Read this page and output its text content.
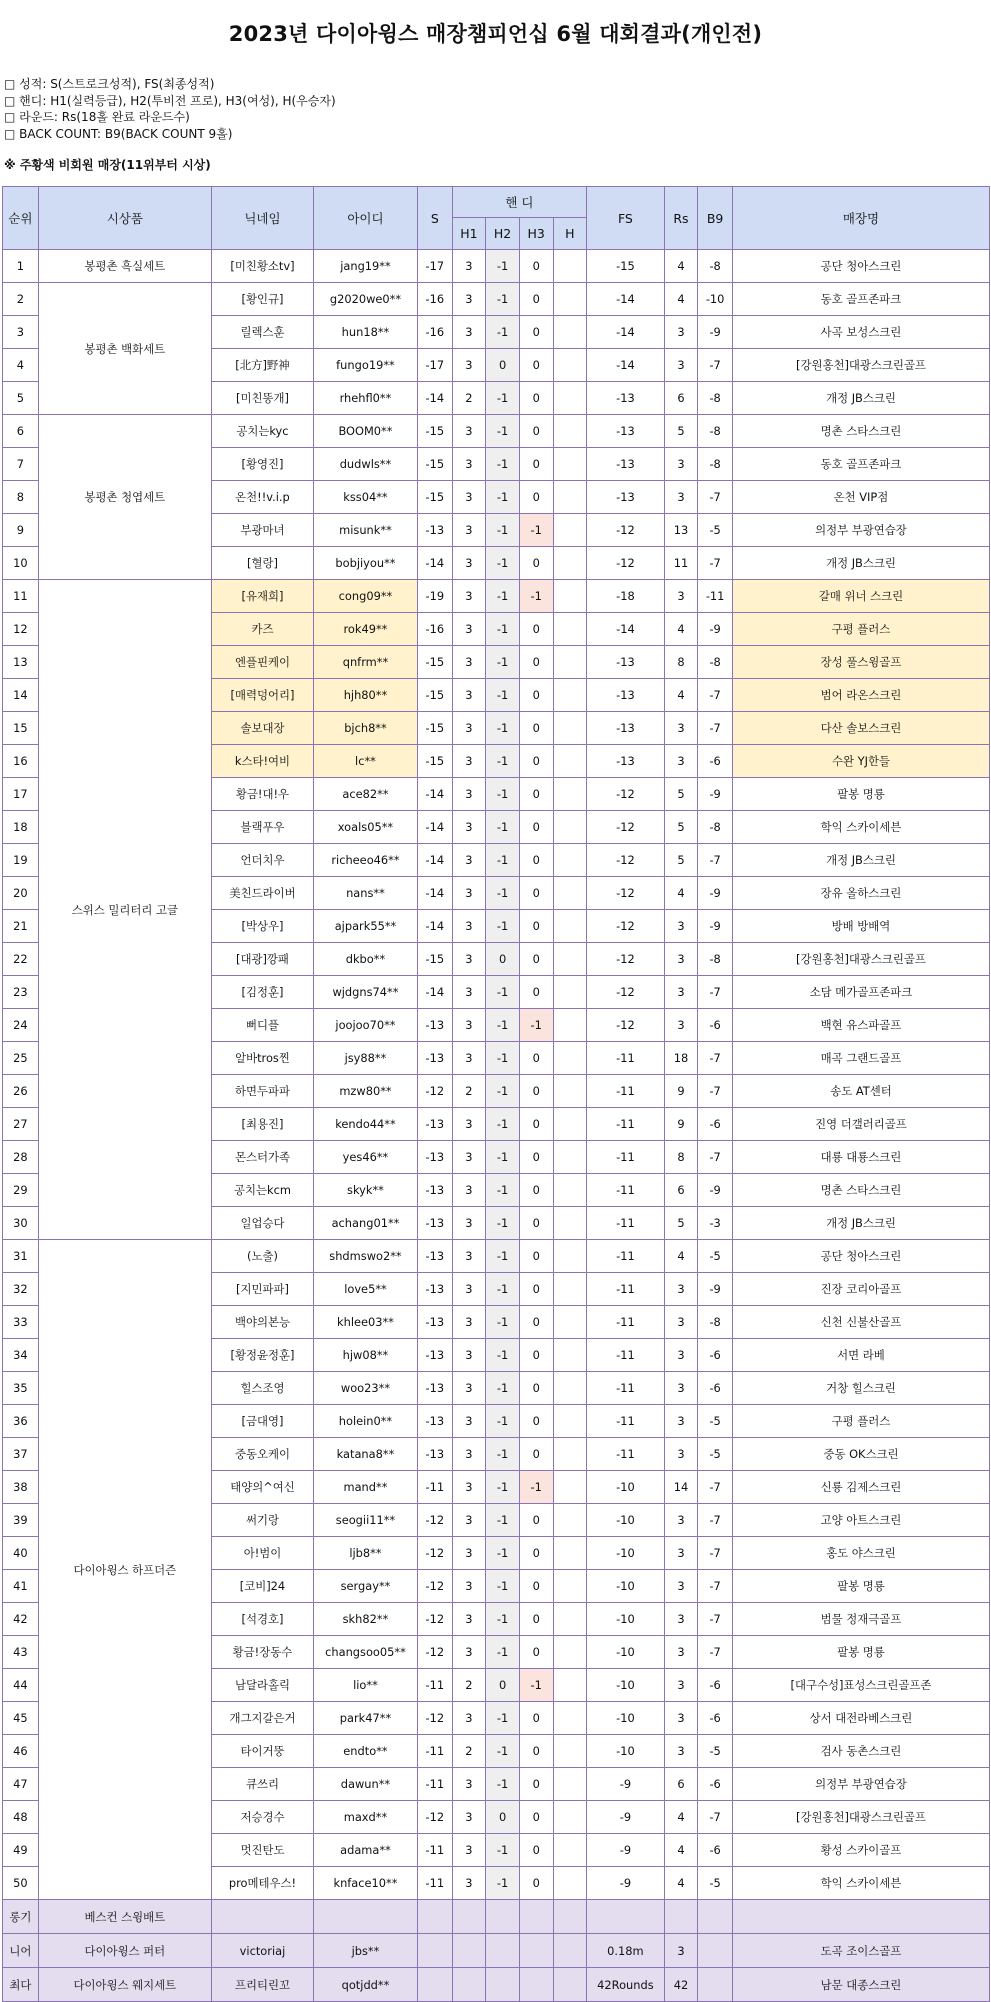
2023년 다이아윙스 매장챔피언십 6월 대회결과(개인전)
□ 성적: S(스트로크성적), FS(최종성적)
□ 핸디: H1(실력등급), H2(투비전 프로), H3(여성), H(우승자)
□ 라운드: Rs(18홀 완료 라운드수)
□ BACK COUNT: B9(BACK COUNT 9홀)
※ 주황색 비회원 매장(11위부터 시상)
순위	시상품	닉네임	아이디	S	핸 디				FS	Rs	B9	매장명
					H1	H2	H3	H				
1	봉평촌 흑실세트	[미친황소tv]	jang19**	-17	3	-1	0		-15	4	-8	공단 청아스크린
2	봉평촌 백화세트	[황인규]	g2020we0**	-16	3	-1	0		-14	4	-10	동호 골프존파크
3		릴렉스훈	hun18**	-16	3	-1	0		-14	3	-9	사곡 보성스크린
4		[北方]野神	fungo19**	-17	3	0	0		-14	3	-7	[강원홍천]대광스크린골프
5		[미친똥개]	rhehfl0**	-14	2	-1	0		-13	6	-8	개정 JB스크린
6	봉평촌 청엽세트	공치는kyc	BOOM0**	-15	3	-1	0		-13	5	-8	명촌 스타스크린
7		[황영진]	dudwls**	-15	3	-1	0		-13	3	-8	동호 골프존파크
8		온천!!v.i.p	kss04**	-15	3	-1	0		-13	3	-7	온천 VIP점
9		부광마녀	misunk**	-13	3	-1	-1		-12	13	-5	의정부 부광연습장
10		[혈랑]	bobjiyou**	-14	3	-1	0		-12	11	-7	개정 JB스크린
11	스위스 밀리터리 고글	[유재희]	cong09**	-19	3	-1	-1		-18	3	-11	갈매 위너 스크린
12		카즈	rok49**	-16	3	-1	0		-14	4	-9	구평 플러스
13		엔플핀케이	qnfrm**	-15	3	-1	0		-13	8	-8	장성 풀스윙골프
14		[매력덩어리]	hjh80**	-15	3	-1	0		-13	4	-7	범어 라온스크린
15		솔보대장	bjch8**	-15	3	-1	0		-13	3	-7	다산 솔보스크린
16		k스타!여비	lc**	-15	3	-1	0		-13	3	-6	수완 YJ한들
17		황금!대!우	ace82**	-14	3	-1	0		-12	5	-9	팔봉 명룡
18		블랙푸우	xoals05**	-14	3	-1	0		-12	5	-8	학익 스카이세븐
19		언더치우	richeeo46**	-14	3	-1	0		-12	5	-7	개정 JB스크린
20		美친드라이버	nans**	-14	3	-1	0		-12	4	-9	장유 올하스크린
21		[박상우]	ajpark55**	-14	3	-1	0		-12	3	-9	방배 방배역
22		[대광]깡패	dkbo**	-15	3	0	0		-12	3	-8	[강원홍천]대광스크린골프
23		[김정훈]	wjdgns74**	-14	3	-1	0		-12	3	-7	소담 메가골프존파크
24		뻐디플	joojoo70**	-13	3	-1	-1		-12	3	-6	백현 유스파골프
25		알바tros찐	jsy88**	-13	3	-1	0		-11	18	-7	매곡 그랜드골프
26		하면두파파	mzw80**	-12	2	-1	0		-11	9	-7	송도 AT센터
27		[최용진]	kendo44**	-13	3	-1	0		-11	9	-6	진영 더갤러리골프
28		몬스터가족	yes46**	-13	3	-1	0		-11	8	-7	대룡 대룡스크린
29		공치는kcm	skyk**	-13	3	-1	0		-11	6	-9	명촌 스타스크린
30		일업승다	achang01**	-13	3	-1	0		-11	5	-3	개정 JB스크린
31	다이아윙스 하프더즌	(노출)	shdmswo2**	-13	3	-1	0		-11	4	-5	공단 청아스크린
32		[지민파파]	love5**	-13	3	-1	0		-11	3	-9	진장 코리아골프
33		백야의본능	khlee03**	-13	3	-1	0		-11	3	-8	신천 신불산골프
34		[황정윤정훈]	hjw08**	-13	3	-1	0		-11	3	-6	서면 라베
35		힐스조영	woo23**	-13	3	-1	0		-11	3	-6	거창 힐스크린
36		[금대영]	holein0**	-13	3	-1	0		-11	3	-5	구평 플러스
37		중동오케이	katana8**	-13	3	-1	0		-11	3	-5	중동 OK스크린
38		태양의^여신	mand**	-11	3	-1	-1		-10	14	-7	신룡 김제스크린
39		써기랑	seogii11**	-12	3	-1	0		-10	3	-7	고양 아트스크린
40		아!범이	ljb8**	-12	3	-1	0		-10	3	-7	홍도 야스크린
41		[코비]24	sergay**	-12	3	-1	0		-10	3	-7	팔봉 명룡
42		[석경호]	skh82**	-12	3	-1	0		-10	3	-7	범물 정재극골프
43		황금!장동수	changsoo05**	-12	3	-1	0		-10	3	-7	팔봉 명룡
44		남달라홀릭	lio**	-11	2	0	-1		-10	3	-6	[대구수성]표성스크린골프존
45		개그지갈은거	park47**	-12	3	-1	0		-10	3	-6	상서 대전라베스크린
46		타이거뚱	endto**	-11	2	-1	0		-10	3	-5	검사 동촌스크린
47		큐쓰리	dawun**	-11	3	-1	0		-9	6	-6	의정부 부광연습장
48		저승경수	maxd**	-12	3	0	0		-9	4	-7	[강원홍천]대광스크린골프
49		멋진탄도	adama**	-11	3	-1	0		-9	4	-6	황성 스카이골프
50		pro메테우스!	knface10**	-11	3	-1	0		-9	4	-5	학익 스카이세븐
롱기	베스컨 스윙배트											
니어	다이아윙스 퍼터	victoriaj	jbs**						0.18m	3		도곡 조이스골프
최다	다이아윙스 웨지세트	프리티린꼬	qotjdd**						42Rounds	42		남문 대종스크린
